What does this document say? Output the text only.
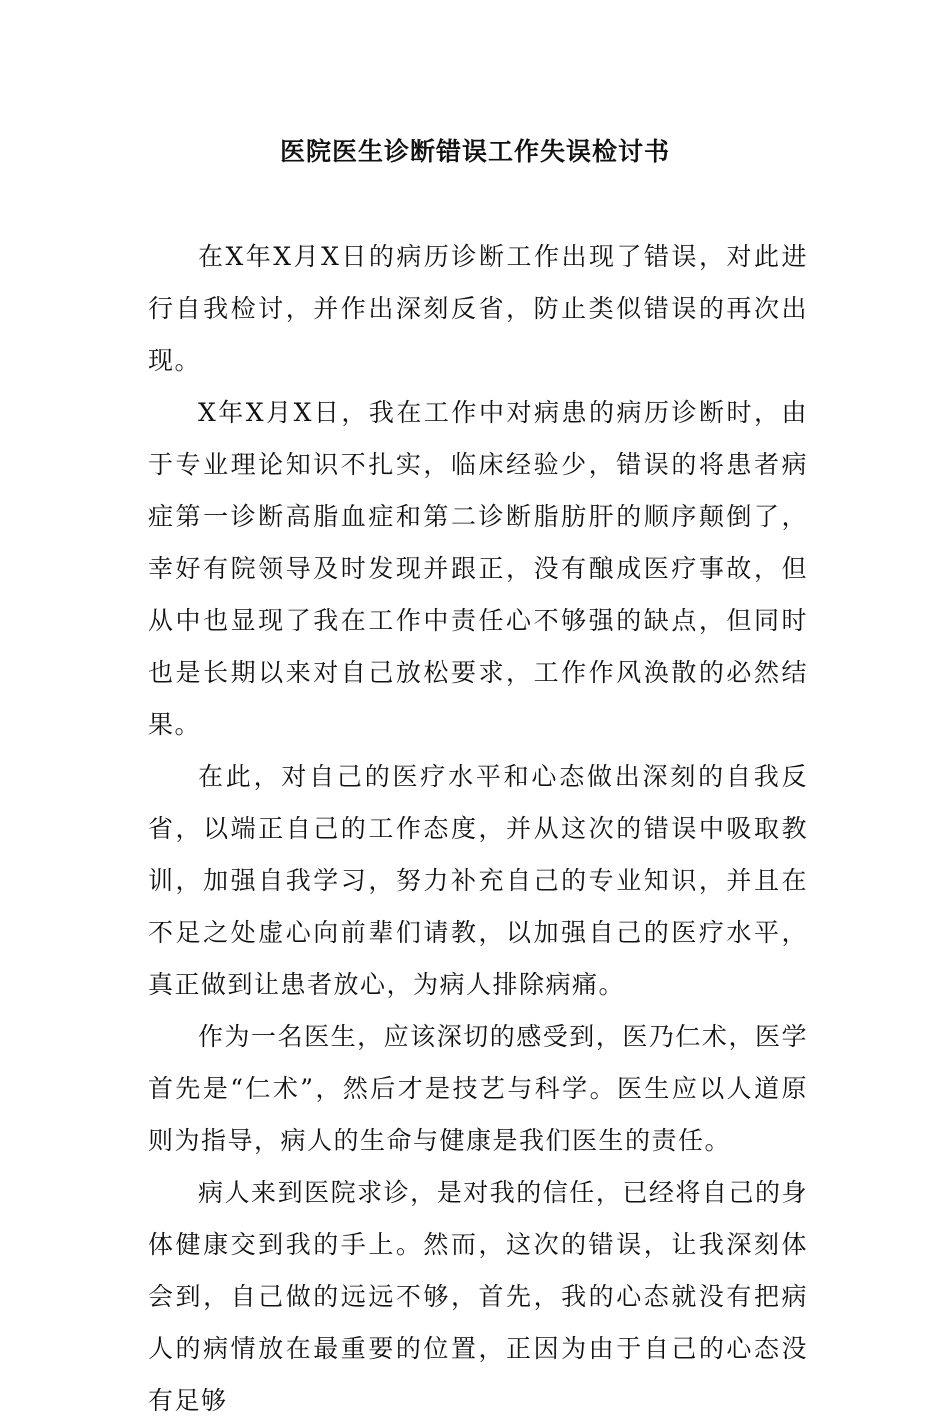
医院医生诊断错误工作失误检讨书

在X年X月X日的病历诊断工作出现了错误，对此进行自我检讨，并作出深刻反省，防止类似错误的再次出现。

X年X月X日，我在工作中对病患的病历诊断时，由于专业理论知识不扎实，临床经验少，错误的将患者病症第一诊断高脂血症和第二诊断脂肪肝的顺序颠倒了，幸好有院领导及时发现并跟正，没有酿成医疗事故，但从中也显现了我在工作中责任心不够强的缺点，但同时也是长期以来对自己放松要求，工作作风涣散的必然结果。

在此，对自己的医疗水平和心态做出深刻的自我反省，以端正自己的工作态度，并从这次的错误中吸取教训，加强自我学习，努力补充自己的专业知识，并且在不足之处虚心向前辈们请教，以加强自己的医疗水平，真正做到让患者放心，为病人排除病痛。

作为一名医生，应该深切的感受到，医乃仁术，医学首先是“仁术”，然后才是技艺与科学。医生应以人道原则为指导，病人的生命与健康是我们医生的责任。

病人来到医院求诊，是对我的信任，已经将自己的身体健康交到我的手上。然而，这次的错误，让我深刻体会到，自己做的远远不够，首先，我的心态就没有把病人的病情放在最重要的位置，正因为由于自己的心态没有足够
